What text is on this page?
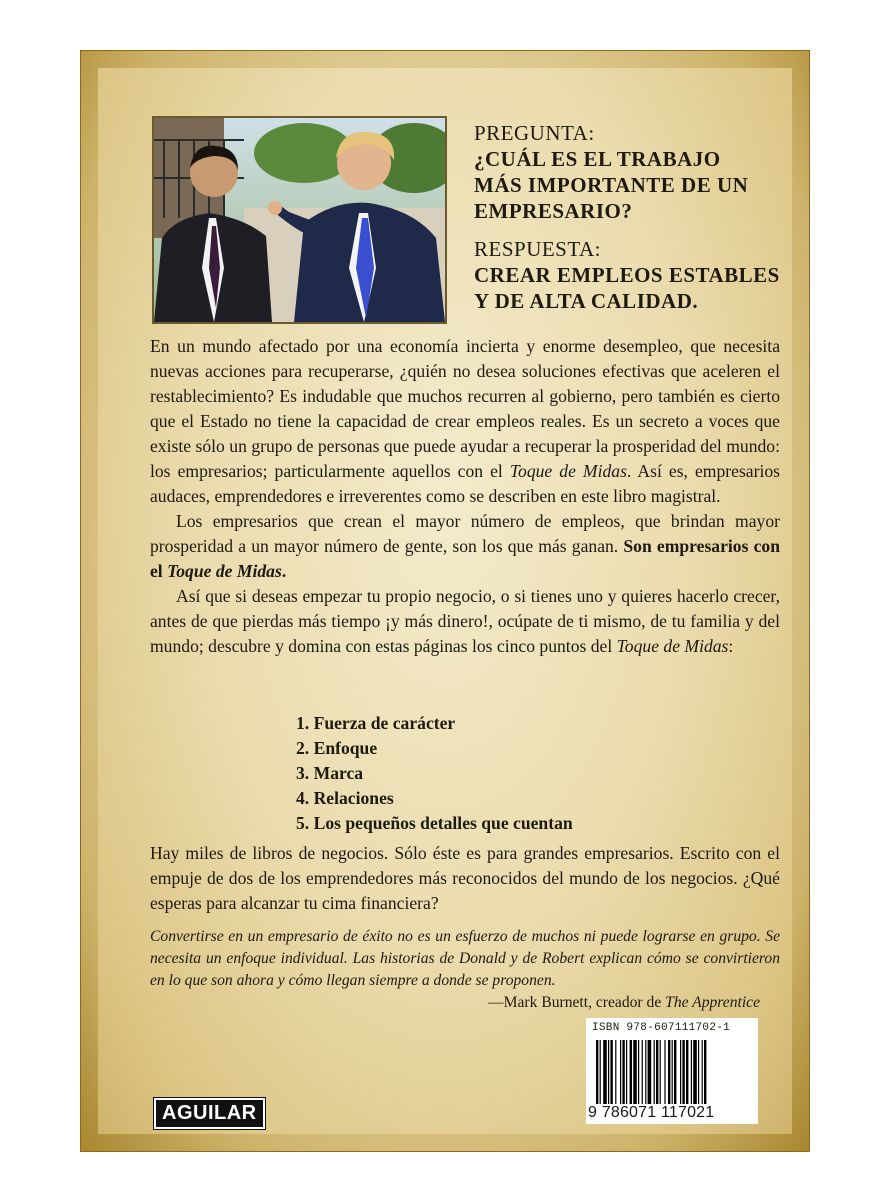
PREGUNTA:
¿CUÁL ES EL TRABAJO
MÁS IMPORTANTE DE UN
EMPRESARIO?
RESPUESTA:
CREAR EMPLEOS ESTABLES
Y DE ALTA CALIDAD.

En un mundo afectado por una economía incierta y enorme desempleo, que necesita nuevas acciones para recuperarse, ¿quién no desea soluciones efectivas que aceleren el restablecimiento? Es indudable que muchos recurren al gobierno, pero también es cierto que el Estado no tiene la capacidad de crear empleos reales. Es un secreto a voces que existe sólo un grupo de personas que puede ayudar a recuperar la prosperidad del mundo: los empresarios; particularmente aquellos con el Toque de Midas. Así es, empresarios audaces, emprendedores e irreverentes como se describen en este libro magistral.

Los empresarios que crean el mayor número de empleos, que brindan mayor prosperidad a un mayor número de gente, son los que más ganan. Son empresarios con el Toque de Midas.

Así que si deseas empezar tu propio negocio, o si tienes uno y quieres hacerlo crecer, antes de que pierdas más tiempo ¡y más dinero!, ocúpate de ti mismo, de tu familia y del mundo; descubre y domina con estas páginas los cinco puntos del Toque de Midas:

1. Fuerza de carácter
2. Enfoque
3. Marca
4. Relaciones
5. Los pequeños detalles que cuentan
Hay miles de libros de negocios. Sólo éste es para grandes empresarios. Escrito con el empuje de dos de los emprendedores más reconocidos del mundo de los negocios. ¿Qué esperas para alcanzar tu cima financiera?
Convertirse en un empresario de éxito no es un esfuerzo de muchos ni puede lograrse en grupo. Se necesita un enfoque individual. Las historias de Donald y de Robert explican cómo se convirtieron en lo que son ahora y cómo llegan siempre a donde se proponen.
—Mark Burnett, creador de The Apprentice
AGUILAR
ISBN 978-607111702-1
9 786071 117021
